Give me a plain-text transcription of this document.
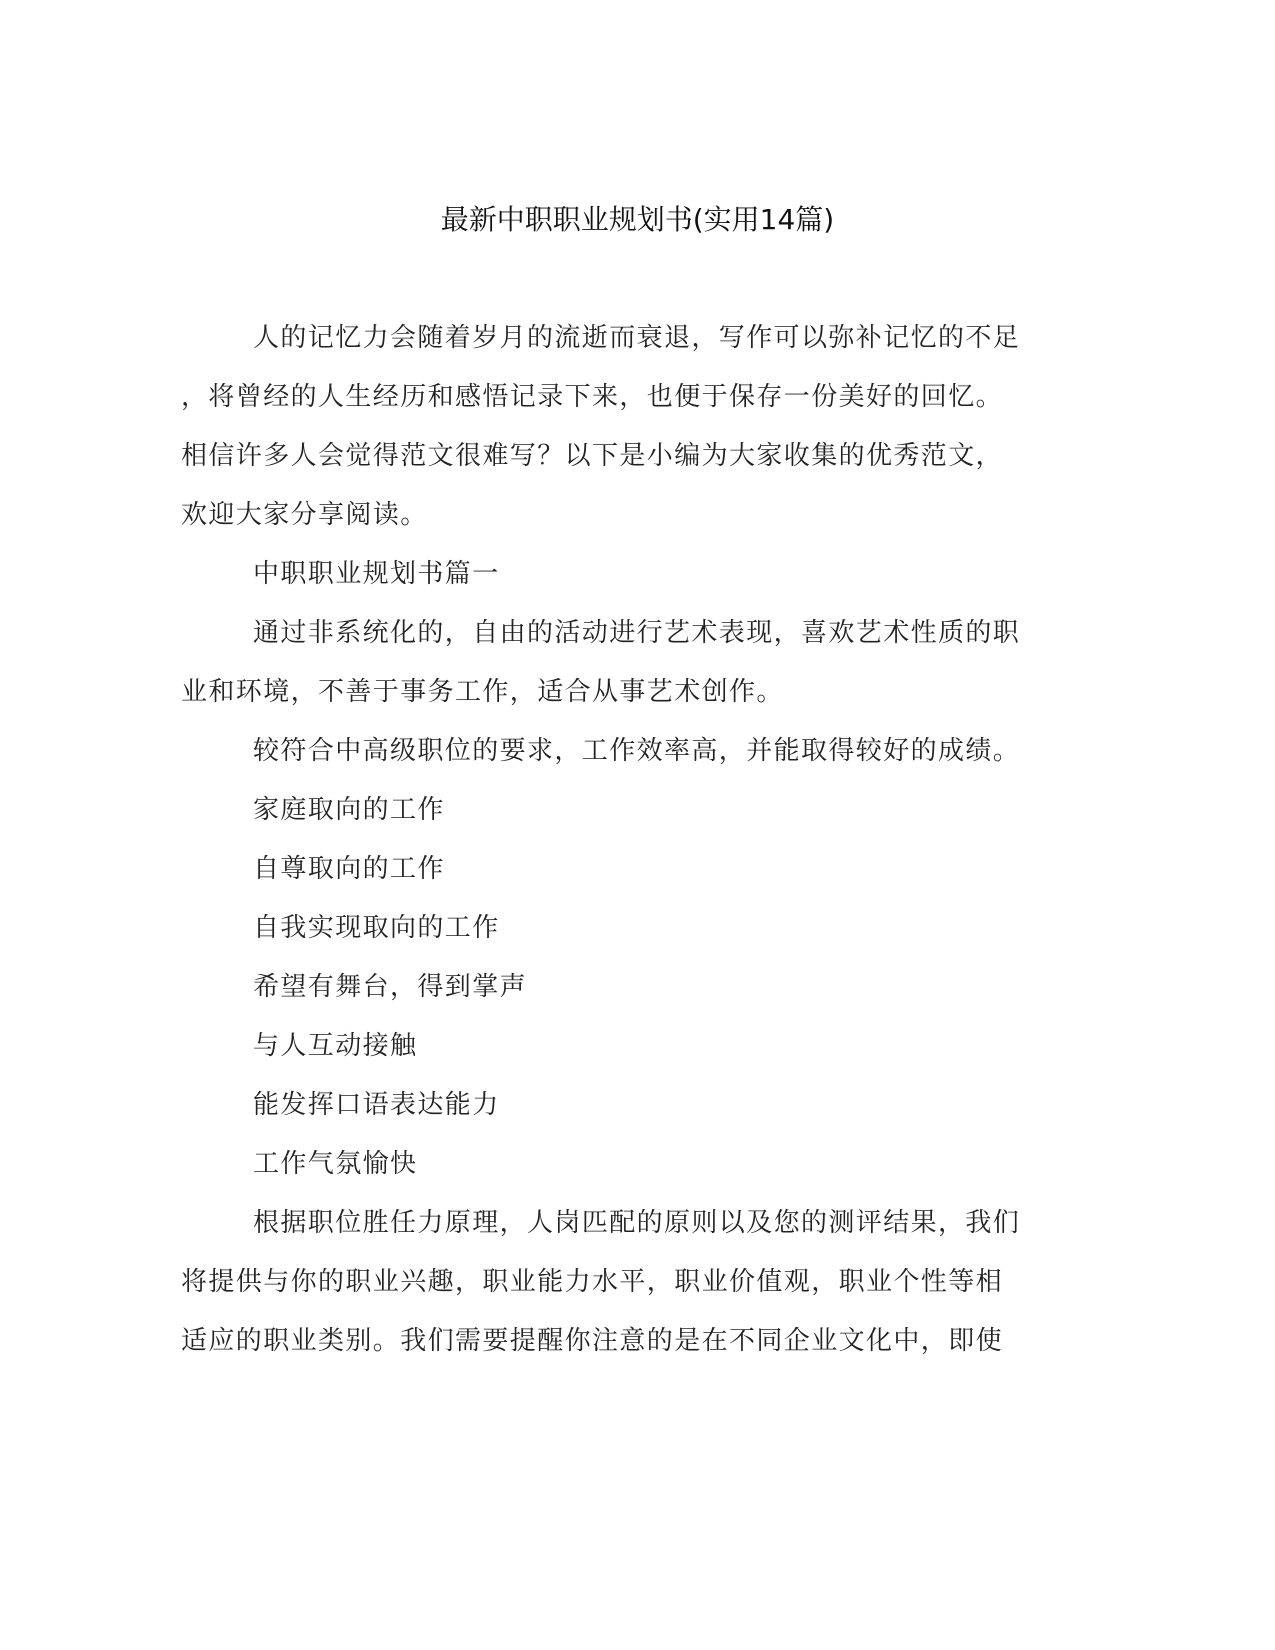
最新中职职业规划书(实用14篇)
人的记忆力会随着岁月的流逝而衰退，写作可以弥补记忆的不足
，将曾经的人生经历和感悟记录下来，也便于保存一份美好的回忆。
相信许多人会觉得范文很难写？以下是小编为大家收集的优秀范文，
欢迎大家分享阅读。
中职职业规划书篇一
通过非系统化的，自由的活动进行艺术表现，喜欢艺术性质的职
业和环境，不善于事务工作，适合从事艺术创作。
较符合中高级职位的要求，工作效率高，并能取得较好的成绩。
家庭取向的工作
自尊取向的工作
自我实现取向的工作
希望有舞台，得到掌声
与人互动接触
能发挥口语表达能力
工作气氛愉快
根据职位胜任力原理，人岗匹配的原则以及您的测评结果，我们
将提供与你的职业兴趣，职业能力水平，职业价值观，职业个性等相
适应的职业类别。我们需要提醒你注意的是在不同企业文化中，即使
